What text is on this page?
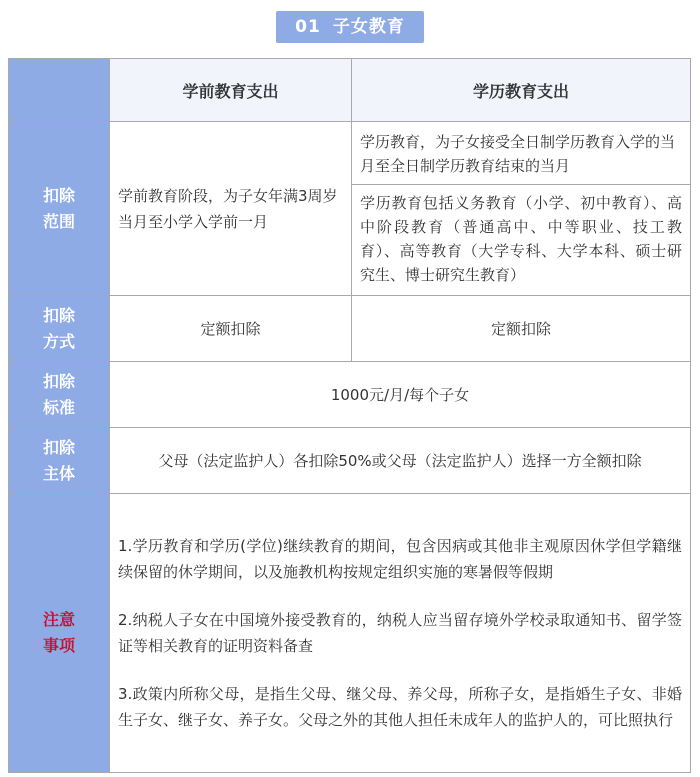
01 子女教育
	学前教育支出	学历教育支出
扣除范围	学前教育阶段，为子女年满3周岁当月至小学入学前一月	学历教育，为子女接受全日制学历教育入学的当月至全日制学历教育结束的当月
学历教育包括义务教育（小学、初中教育）、高中阶段教育（普通高中、中等职业、技工教育）、高等教育（大学专科、大学本科、硕士研究生、博士研究生教育）

扣除方式	定额扣除	定额扣除
扣除标准	1000元/月/每个子女	
扣除主体	父母（法定监护人）各扣除50%或父母（法定监护人）选择一方全额扣除	
注意事项	1.学历教育和学历(学位)继续教育的期间，包含因病或其他非主观原因休学但学籍继续保留的休学期间，以及施教机构按规定组织实施的寒暑假等假期

2.纳税人子女在中国境外接受教育的，纳税人应当留存境外学校录取通知书、留学签证等相关教育的证明资料备查

3.政策内所称父母，是指生父母、继父母、养父母，所称子女，是指婚生子女、非婚生子女、继子女、养子女。父母之外的其他人担任未成年人的监护人的，可比照执行	
